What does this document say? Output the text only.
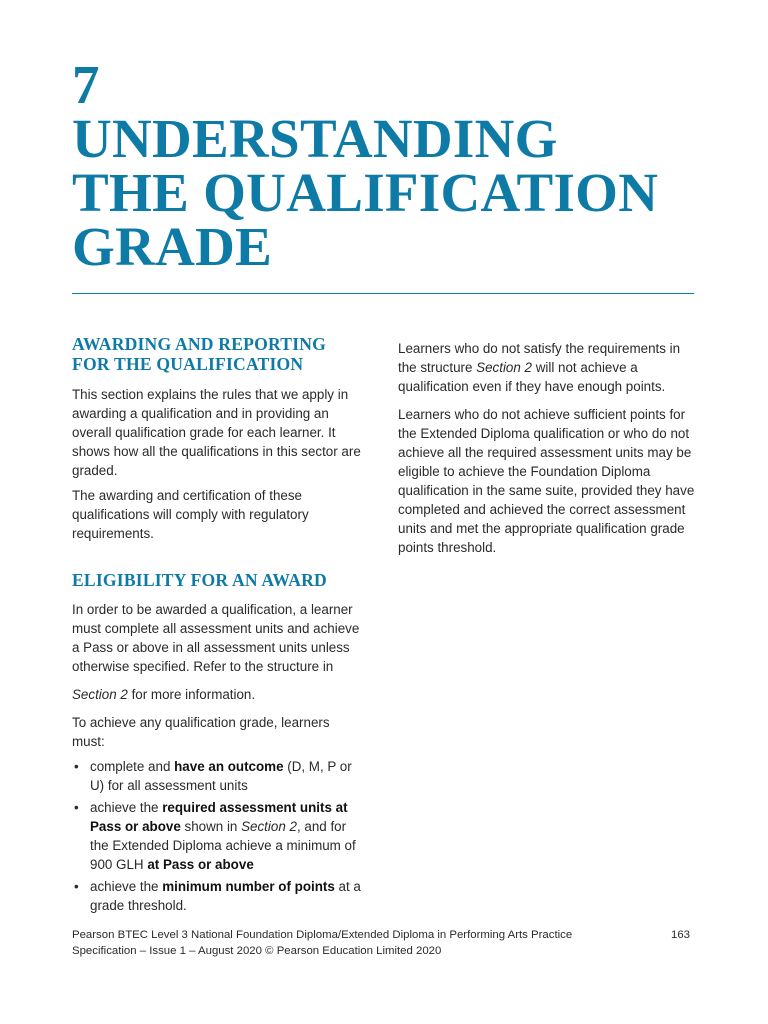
7
UNDERSTANDING
THE QUALIFICATION
GRADE
AWARDING AND REPORTING
FOR THE QUALIFICATION

This section explains the rules that we apply in awarding a qualification and in providing an overall qualification grade for each learner. It shows how all the qualifications in this sector are graded.

The awarding and certification of these qualifications will comply with regulatory requirements.

ELIGIBILITY FOR AN AWARD

In order to be awarded a qualification, a learner must complete all assessment units and achieve a Pass or above in all assessment units unless otherwise specified. Refer to the structure in

Section 2 for more information.

To achieve any qualification grade, learners must:

• complete and have an outcome (D, M, P or U) for all assessment units
• achieve the required assessment units at Pass or above shown in Section 2, and for the Extended Diploma achieve a minimum of 900 GLH at Pass or above
• achieve the minimum number of points at a grade threshold.

Learners who do not satisfy the requirements in the structure Section 2 will not achieve a qualification even if they have enough points.

Learners who do not achieve sufficient points for the Extended Diploma qualification or who do not achieve all the required assessment units may be eligible to achieve the Foundation Diploma qualification in the same suite, provided they have completed and achieved the correct assessment units and met the appropriate qualification grade points threshold.

Pearson BTEC Level 3 National Foundation Diploma/Extended Diploma in Performing Arts Practice
Specification – Issue 1 – August 2020 © Pearson Education Limited 2020
163
